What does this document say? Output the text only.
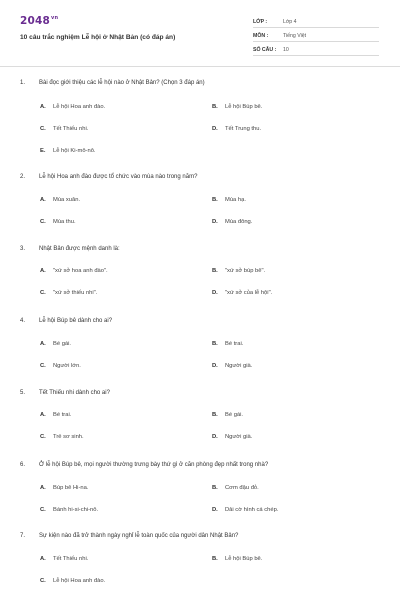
$2048^{vn}$
10 câu trắc nghiệm Lễ hội ở Nhật Bản (có đáp án)
LỚP :	Lớp 4
MÔN :	Tiếng Việt
SỐ CÂU : 10
1. Bài đọc giới thiệu các lễ hội nào ở Nhật Bản? (Chọn 3 đáp án)
A. Lễ hội Hoa anh đào.	B. Lễ hội Búp bê.
C. Tết Thiếu nhi.	D. Tết Trung thu.
E. Lễ hội Ki-mô-nô.
2. Lễ hội Hoa anh đào được tổ chức vào mùa nào trong năm?
A. Mùa xuân.	B. Mùa hạ.
C. Mùa thu.	D. Mùa đông.
3. Nhật Bản được mệnh danh là:
A. "xứ sở hoa anh đào".	B. "xứ sở búp bê".
C. "xứ sở thiếu nhi".	D. "xứ sở của lễ hội".
4. Lễ hội Búp bê dành cho ai?
A. Bé gái.	B. Bé trai.
C. Người lớn.	D. Người già.
5. Tết Thiếu nhi dành cho ai?
A. Bé trai.	B. Bé gái.
C. Trẻ sơ sinh.	D. Người già.
6. Ở lễ hội Búp bê, mọi người thường trưng bày thứ gì ở căn phòng đẹp nhất trong nhà?
A. Búp bê Hi-na.	B. Cơm đậu đỏ.
C. Bánh hi-si-chi-nô.	D. Dải cờ hình cá chép.
7. Sự kiện nào đã trở thành ngày nghỉ lễ toàn quốc của người dân Nhật Bản?
A. Tết Thiếu nhi.	B. Lễ hội Búp bê.
C. Lễ hội Hoa anh đào.
